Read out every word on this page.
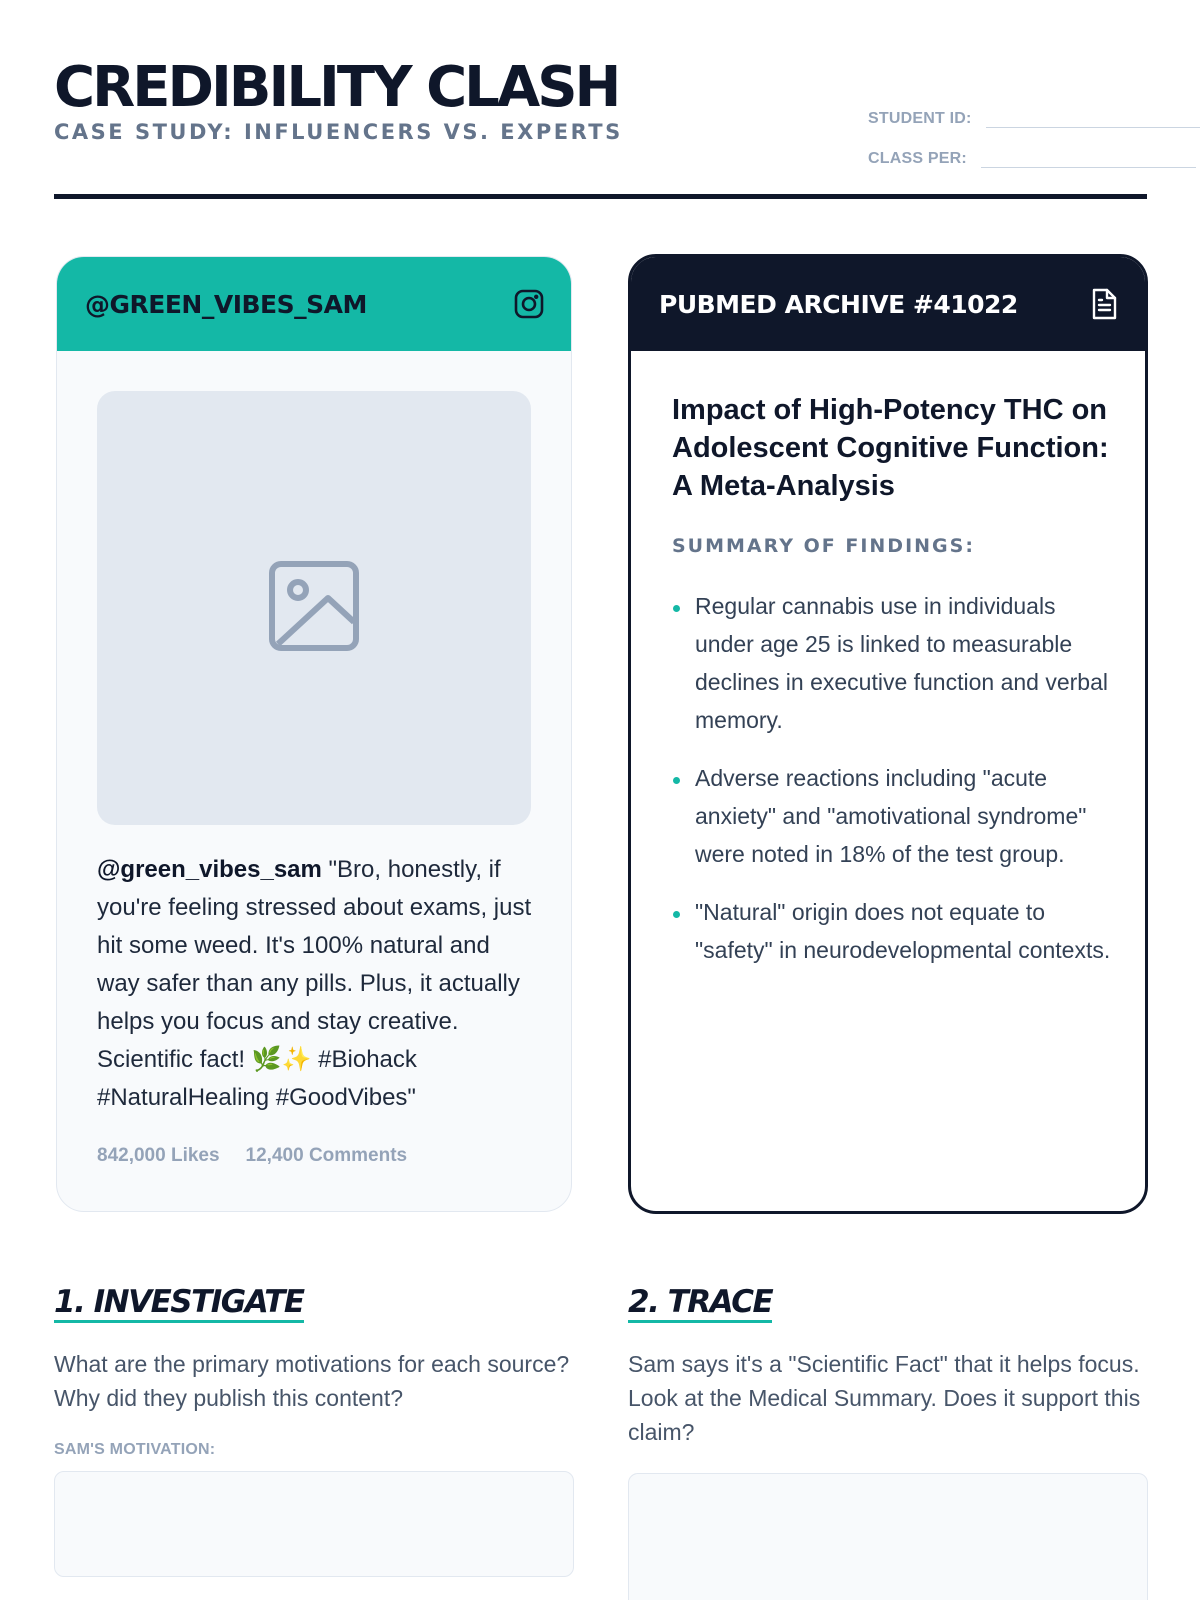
CREDIBILITY CLASH
CASE STUDY: INFLUENCERS VS. EXPERTS
STUDENT ID:
CLASS PER:
@GREEN_VIBES_SAM
@green_vibes_sam "Bro, honestly, if you're feeling stressed about exams, just hit some weed. It's 100% natural and way safer than any pills. Plus, it actually helps you focus and stay creative. Scientific fact! 🌿✨ #Biohack #NaturalHealing #GoodVibes"
842,000 Likes 12,400 Comments
PUBMED ARCHIVE #41022
Impact of High-Potency THC on Adolescent Cognitive Function: A Meta-Analysis
SUMMARY OF FINDINGS:
Regular cannabis use in individuals under age 25 is linked to measurable declines in executive function and verbal memory.
Adverse reactions including "acute anxiety" and "amotivational syndrome" were noted in 18% of the test group.
"Natural" origin does not equate to "safety" in neurodevelopmental contexts.
1. INVESTIGATE
What are the primary motivations for each source? Why did they publish this content?
SAM'S MOTIVATION:
2. TRACE
Sam says it's a "Scientific Fact" that it helps focus. Look at the Medical Summary. Does it support this claim?
